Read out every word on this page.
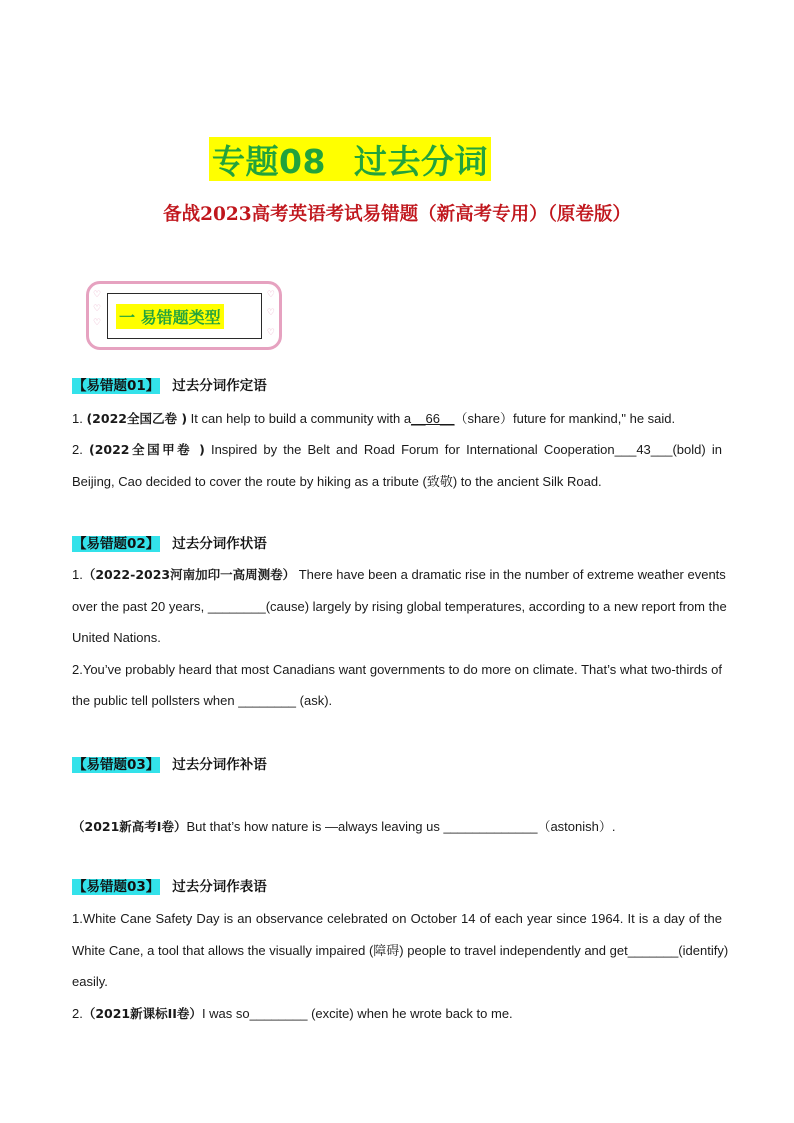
专题08 过去分词
备战2023高考英语考试易错题（新高考专用）（原卷版）
♡
♡
♡
♡
♡
♡
一 易错题类型
【易错题01】 过去分词作定语
1. (2022全国乙卷 ) It can help to build a community with a__66__（share）future for mankind," he said.
2. (2022全国甲卷 ) Inspired by the Belt and Road Forum for International Cooperation___43___(bold) in
Beijing, Cao decided to cover the route by hiking as a tribute (致敬) to the ancient Silk Road.
【易错题02】 过去分词作状语
1.（2022-2023河南加印一高周测卷） There have been a dramatic rise in the number of extreme weather events
over the past 20 years, ________(cause) largely by rising global temperatures, according to a new report from the
United Nations.
2.You’ve probably heard that most Canadians want governments to do more on climate. That’s what two-thirds of
the public tell pollsters when ________ (ask).
【易错题03】 过去分词作补语
（2021新高考I卷）But that’s how nature is —always leaving us _____________（astonish）.
【易错题03】 过去分词作表语
1.White Cane Safety Day is an observance celebrated on October 14 of each year since 1964. It is a day of the
White Cane, a tool that allows the visually impaired (障碍) people to travel independently and get_______(identify)
easily.
2.（2021新课标II卷）I was so________ (excite) when he wrote back to me.
